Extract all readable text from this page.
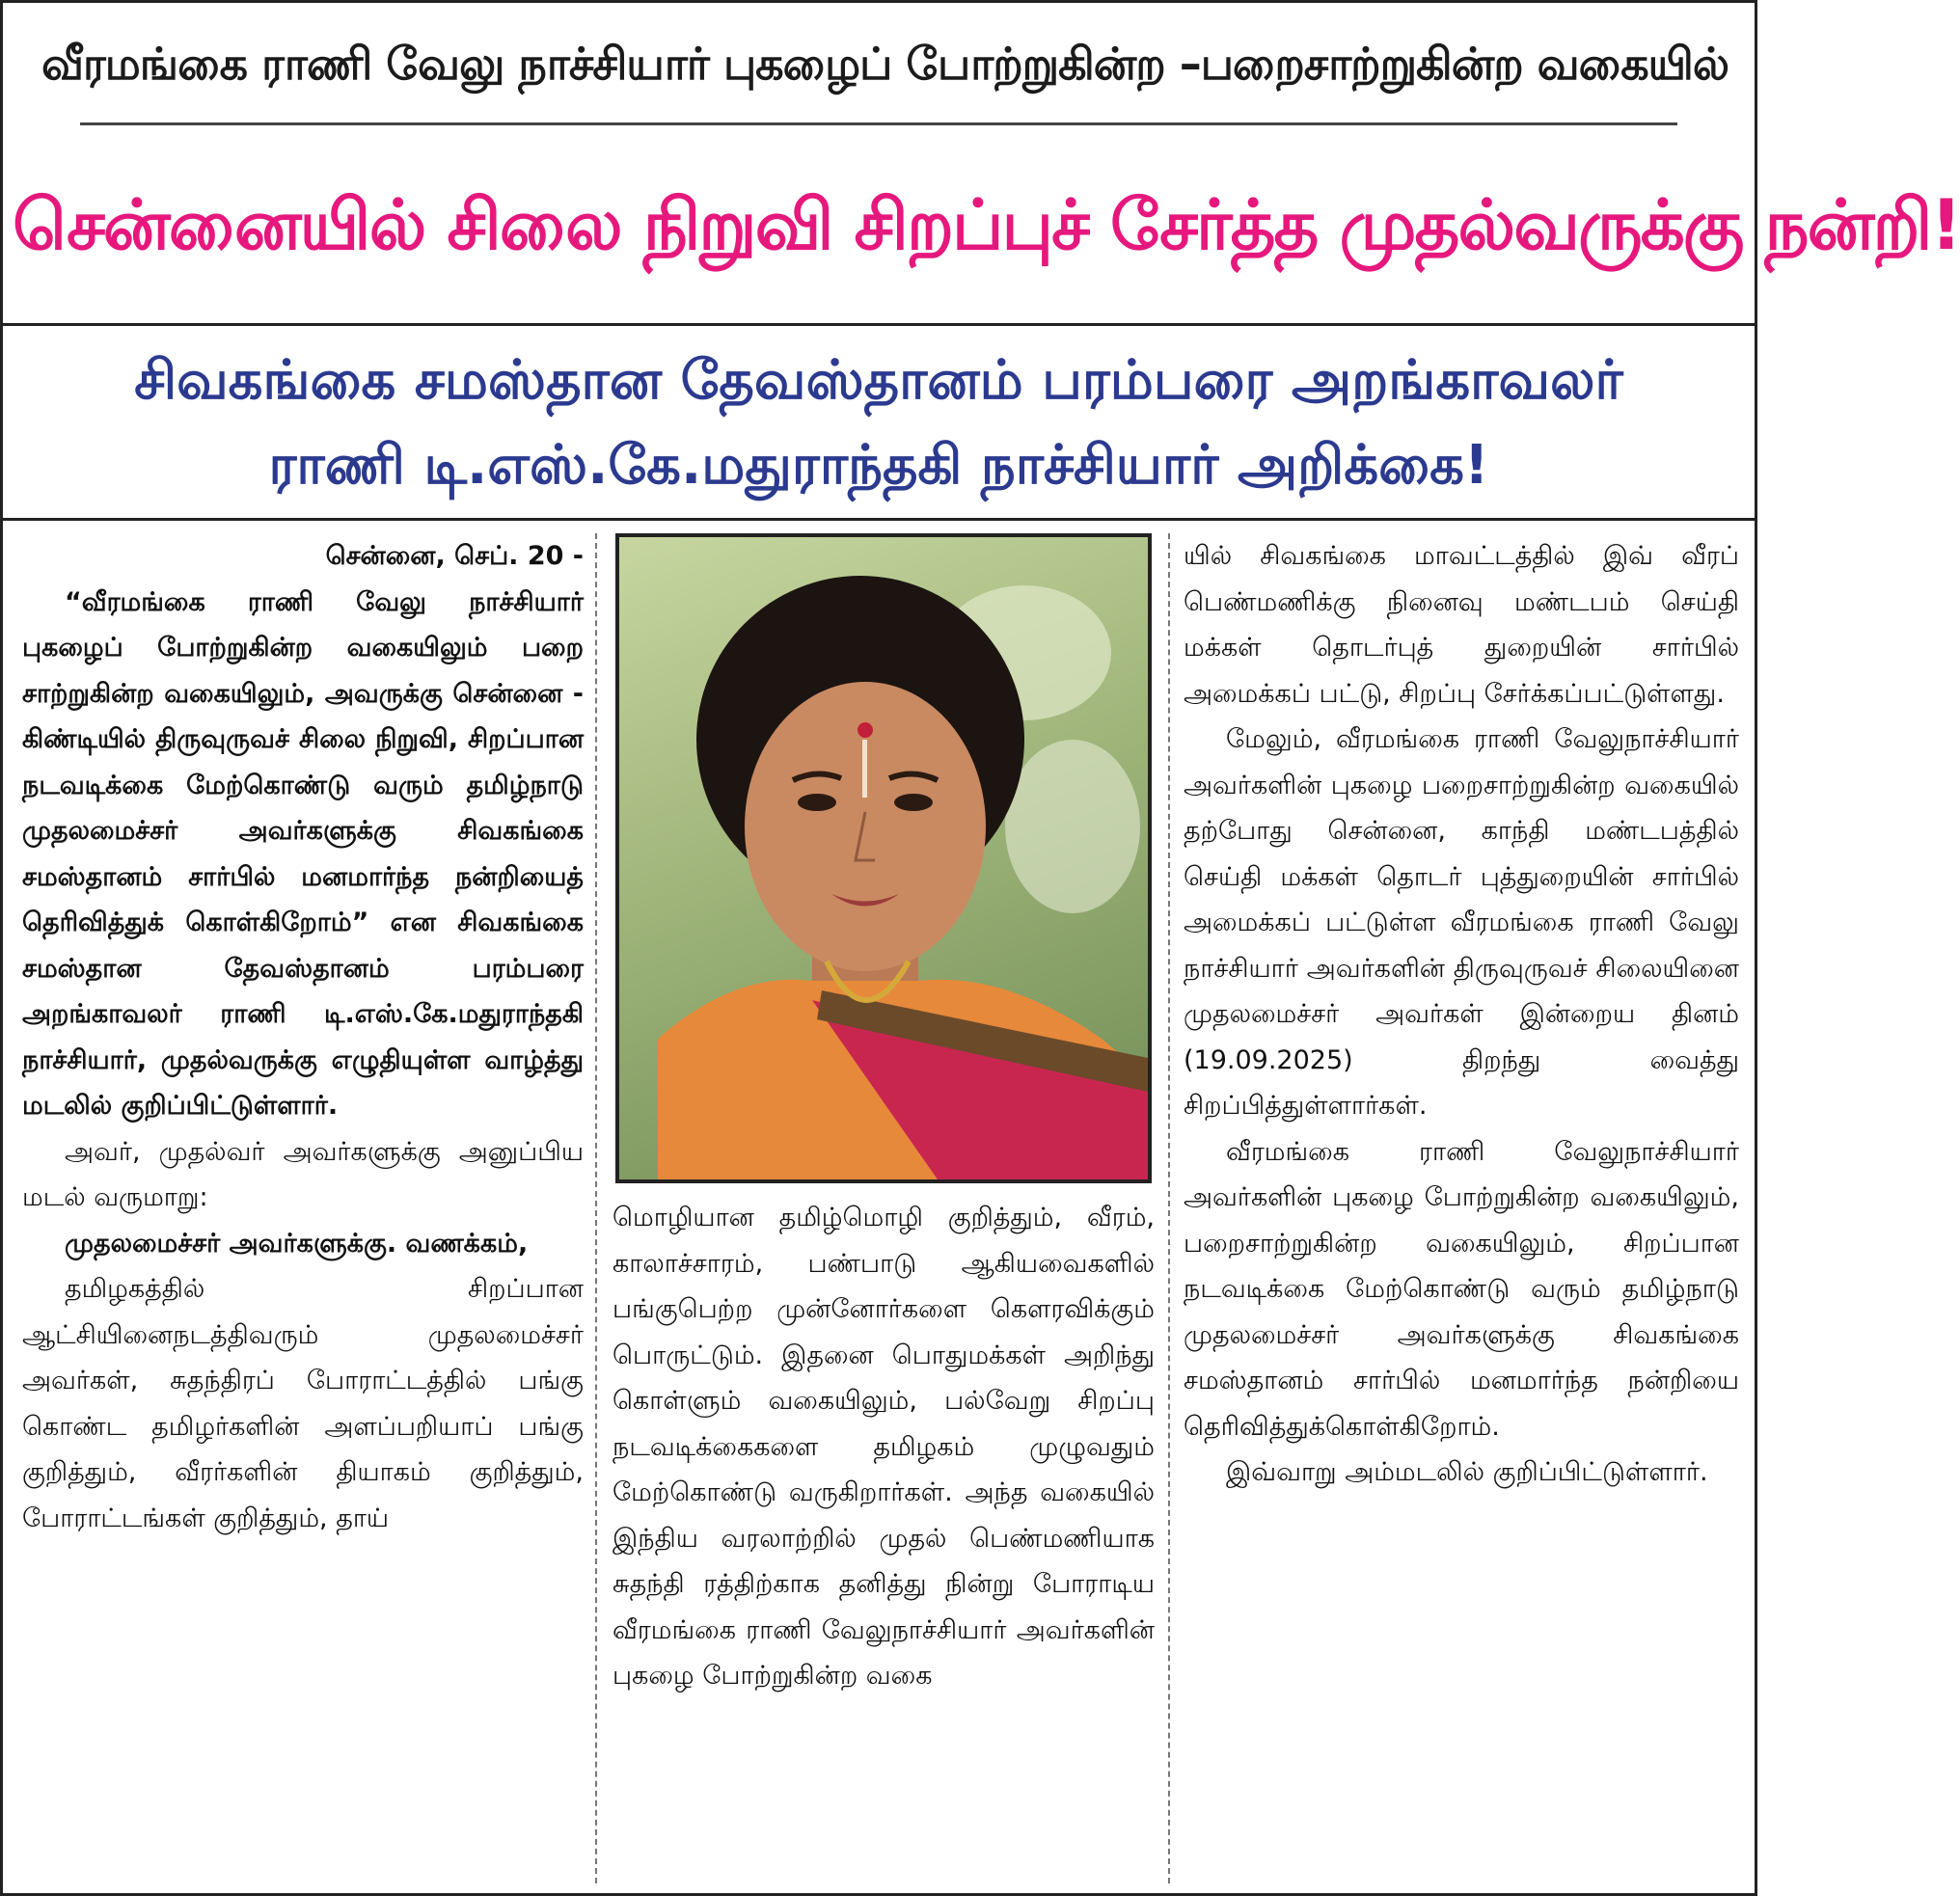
வீரமங்கை ராணி வேலு நாச்சியார் புகழைப் போற்றுகின்ற –பறைசாற்றுகின்ற வகையில்
சென்னையில் சிலை நிறுவி சிறப்புச் சேர்த்த முதல்வருக்கு நன்றி!
சிவகங்கை சமஸ்தான தேவஸ்தானம் பரம்பரை அறங்காவலர்
ராணி டி.எஸ்.கே.மதுராந்தகி நாச்சியார் அறிக்கை!

சென்னை, செப். 20 -

“வீரமங்கை ராணி வேலு நாச்சியார் புகழைப் போற்றுகின்ற வகையிலும் பறை சாற்றுகின்ற வகையிலும், அவருக்கு சென்னை - கிண்டியில் திருவுருவச் சிலை நிறுவி, சிறப்பான நடவடிக்கை மேற்கொண்டு வரும் தமிழ்நாடு முதலமைச்சர் அவர்களுக்கு சிவகங்கை சமஸ்தானம் சார்பில் மனமார்ந்த நன்றியைத் தெரிவித்துக் கொள்கிறோம்” என சிவகங்கை சமஸ்தான தேவஸ்தானம் பரம்பரை அறங்காவலர் ராணி டி.எஸ்.கே.மதுராந்தகி நாச்சியார், முதல்வருக்கு எழுதியுள்ள வாழ்த்து மடலில் குறிப்பிட்டுள்ளார்.

அவர், முதல்வர் அவர்களுக்கு அனுப்பிய மடல் வருமாறு:

முதலமைச்சர் அவர்களுக்கு. வணக்கம்,

தமிழகத்தில் சிறப்பான ஆட்சியினைநடத்திவரும் முதலமைச்சர் அவர்கள், சுதந்திரப் போராட்டத்தில் பங்கு கொண்ட தமிழர்களின் அளப்பறியாப் பங்கு குறித்தும், வீரர்களின் தியாகம் குறித்தும், போராட்டங்கள் குறித்தும், தாய்

மொழியான தமிழ்மொழி குறித்தும், வீரம், காலாச்சாரம், பண்பாடு ஆகியவைகளில் பங்குபெற்ற முன்னோர்களை கௌரவிக்கும் பொருட்டும். இதனை பொதுமக்கள் அறிந்து கொள்ளும் வகையிலும், பல்வேறு சிறப்பு நடவடிக்கைகளை தமிழகம் முழுவதும் மேற்கொண்டு வருகிறார்கள். அந்த வகையில் இந்திய வரலாற்றில் முதல் பெண்மணியாக சுதந்தி ரத்திற்காக தனித்து நின்று போராடிய வீரமங்கை ராணி வேலுநாச்சியார் அவர்களின் புகழை போற்றுகின்ற வகை

யில் சிவகங்கை மாவட்டத்தில் இவ் வீரப் பெண்மணிக்கு நினைவு மண்டபம் செய்தி மக்கள் தொடர்புத் துறையின் சார்பில் அமைக்கப் பட்டு, சிறப்பு சேர்க்கப்பட்டுள்ளது.

மேலும், வீரமங்கை ராணி வேலுநாச்சியார் அவர்களின் புகழை பறைசாற்றுகின்ற வகையில் தற்போது சென்னை, காந்தி மண்டபத்தில் செய்தி மக்கள் தொடர் புத்துறையின் சார்பில் அமைக்கப் பட்டுள்ள வீரமங்கை ராணி வேலு நாச்சியார் அவர்களின் திருவுருவச் சிலையினை முதலமைச்சர் அவர்கள் இன்றைய தினம் (19.09.2025) திறந்து வைத்து சிறப்பித்துள்ளார்கள்.

வீரமங்கை ராணி வேலுநாச்சியார் அவர்களின் புகழை போற்றுகின்ற வகையிலும், பறைசாற்றுகின்ற வகையிலும், சிறப்பான நடவடிக்கை மேற்கொண்டு வரும் தமிழ்நாடு முதலமைச்சர் அவர்களுக்கு சிவகங்கை சமஸ்தானம் சார்பில் மனமார்ந்த நன்றியை தெரிவித்துக்கொள்கிறோம்.

இவ்வாறு அம்மடலில் குறிப்பிட்டுள்ளார்.
